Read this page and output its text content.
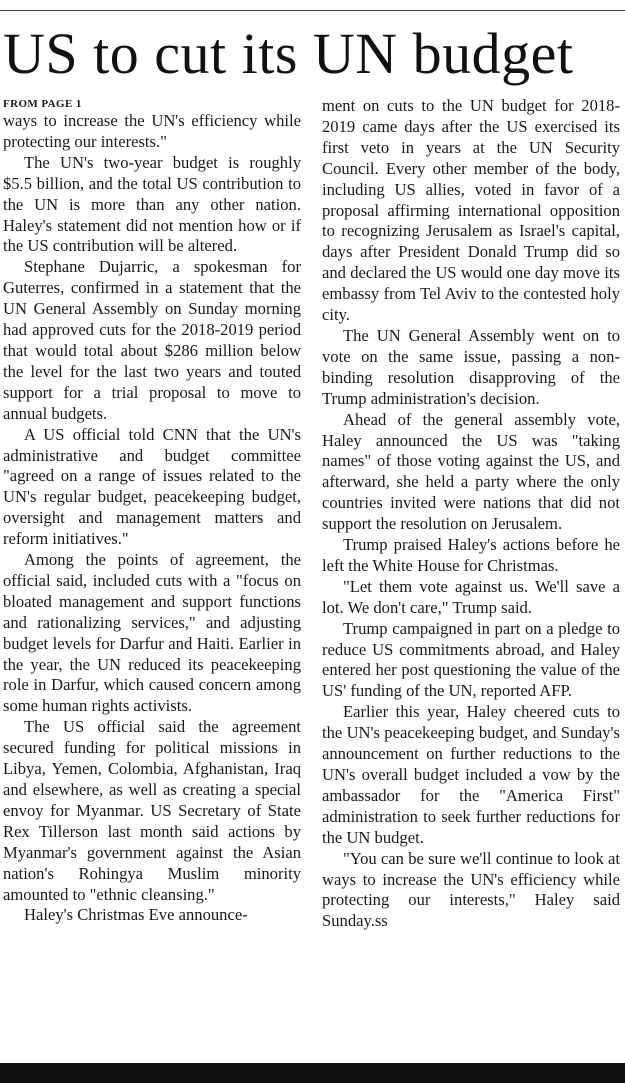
US to cut its UN budget
FROM PAGE 1

ways to increase the UN's efficiency while protecting our interests."

The UN's two-year budget is roughly $5.5 billion, and the total US contribution to the UN is more than any other nation. Haley's statement did not mention how or if the US contribution will be altered.

Stephane Dujarric, a spokesman for Guterres, confirmed in a statement that the UN General Assembly on Sunday morning had approved cuts for the 2018-2019 period that would total about $286 million below the level for the last two years and touted support for a trial proposal to move to annual budgets.

A US official told CNN that the UN's administrative and budget committee "agreed on a range of issues related to the UN's regular budget, peacekeeping budget, oversight and management matters and reform initiatives."

Among the points of agreement, the official said, included cuts with a "focus on bloated management and support functions and rationalizing services," and adjusting budget levels for Darfur and Haiti. Earlier in the year, the UN reduced its peacekeeping role in Darfur, which caused concern among some human rights activists.

The US official said the agreement secured funding for political missions in Libya, Yemen, Colombia, Afghanistan, Iraq and elsewhere, as well as creating a special envoy for Myanmar. US Secretary of State Rex Tillerson last month said actions by Myanmar's government against the Asian nation's Rohingya Muslim minority amounted to "ethnic cleansing."

Haley's Christmas Eve announce-

ment on cuts to the UN budget for 2018-2019 came days after the US exercised its first veto in years at the UN Security Council. Every other member of the body, including US allies, voted in favor of a proposal affirming international opposition to recognizing Jerusalem as Israel's capital, days after President Donald Trump did so and declared the US would one day move its embassy from Tel Aviv to the contested holy city.

The UN General Assembly went on to vote on the same issue, passing a non-binding resolution disapproving of the Trump administration's decision.

Ahead of the general assembly vote, Haley announced the US was "taking names" of those voting against the US, and afterward, she held a party where the only countries invited were nations that did not support the resolution on Jerusalem.

Trump praised Haley's actions before he left the White House for Christmas.

"Let them vote against us. We'll save a lot. We don't care," Trump said.

Trump campaigned in part on a pledge to reduce US commitments abroad, and Haley entered her post questioning the value of the US' funding of the UN, reported AFP.

Earlier this year, Haley cheered cuts to the UN's peacekeeping budget, and Sunday's announcement on further reductions to the UN's overall budget included a vow by the ambassador for the "America First" administration to seek further reductions for the UN budget.

"You can be sure we'll continue to look at ways to increase the UN's efficiency while protecting our interests," Haley said Sunday.ss
